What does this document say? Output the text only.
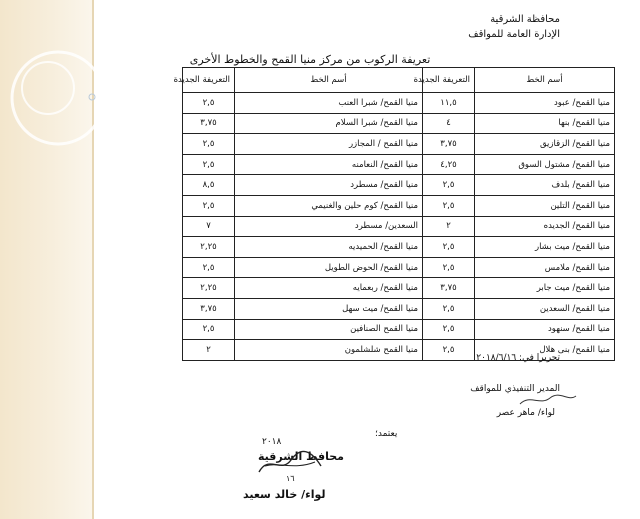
محافظة الشرقية
الإدارة العامة للمواقف
تعريفة الركوب من مركز منيا القمح والخطوط الأخرى
أسم الخط	التعريفة الجديدة	أسم الخط	التعريفة الجديدة
منيا القمح/ عبود	١١,٥	منيا القمح/ شبرا العنب	٢,٥
منيا القمح/ بنها	٤	منيا القمح/ شبرا السلام	٣,٧٥
منيا القمح/ الزقازيق	٣,٧٥	منيا القمح / المجازر	٢,٥
منيا القمح/ مشتول السوق	٤,٢٥	منيا القمح/ النعامنه	٢,٥
منيا القمح/ بلدف	٢,٥	منيا القمح/ مسطرد	٨,٥
منيا القمح/ التلين	٢,٥	منيا القمح/ كوم حلين والغنيمي	٢,٥
منيا القمح/ الجديده	٢	السعدين/ مسطرد	٧
منيا القمح/ ميت بشار	٢,٥	منيا القمح/ الحميديه	٢,٢٥
منيا القمح/ ملامس	٢,٥	منيا القمح/ الحوض الطويل	٢,٥
منيا القمح/ ميت جابر	٣,٧٥	منيا القمح/ ربعمايه	٢,٢٥
منيا القمح/ السعدين	٢,٥	منيا القمح/ ميت سهل	٣,٧٥
منيا القمح/ سنهود	٢,٥	منيا القمح الصنافين	٢,٥
منيا القمح/ بنى هلال	٢,٥	منيا القمح شلشلمون	٢
تحريرا في: ٢٠١٨/٦/١٦
المدير التنفيذي للمواقف
لواء/ ماهر عصر
يعتمد؛
٢٠١٨
محافظ الشرقية
١٦
لواء/ خالد سعيد
